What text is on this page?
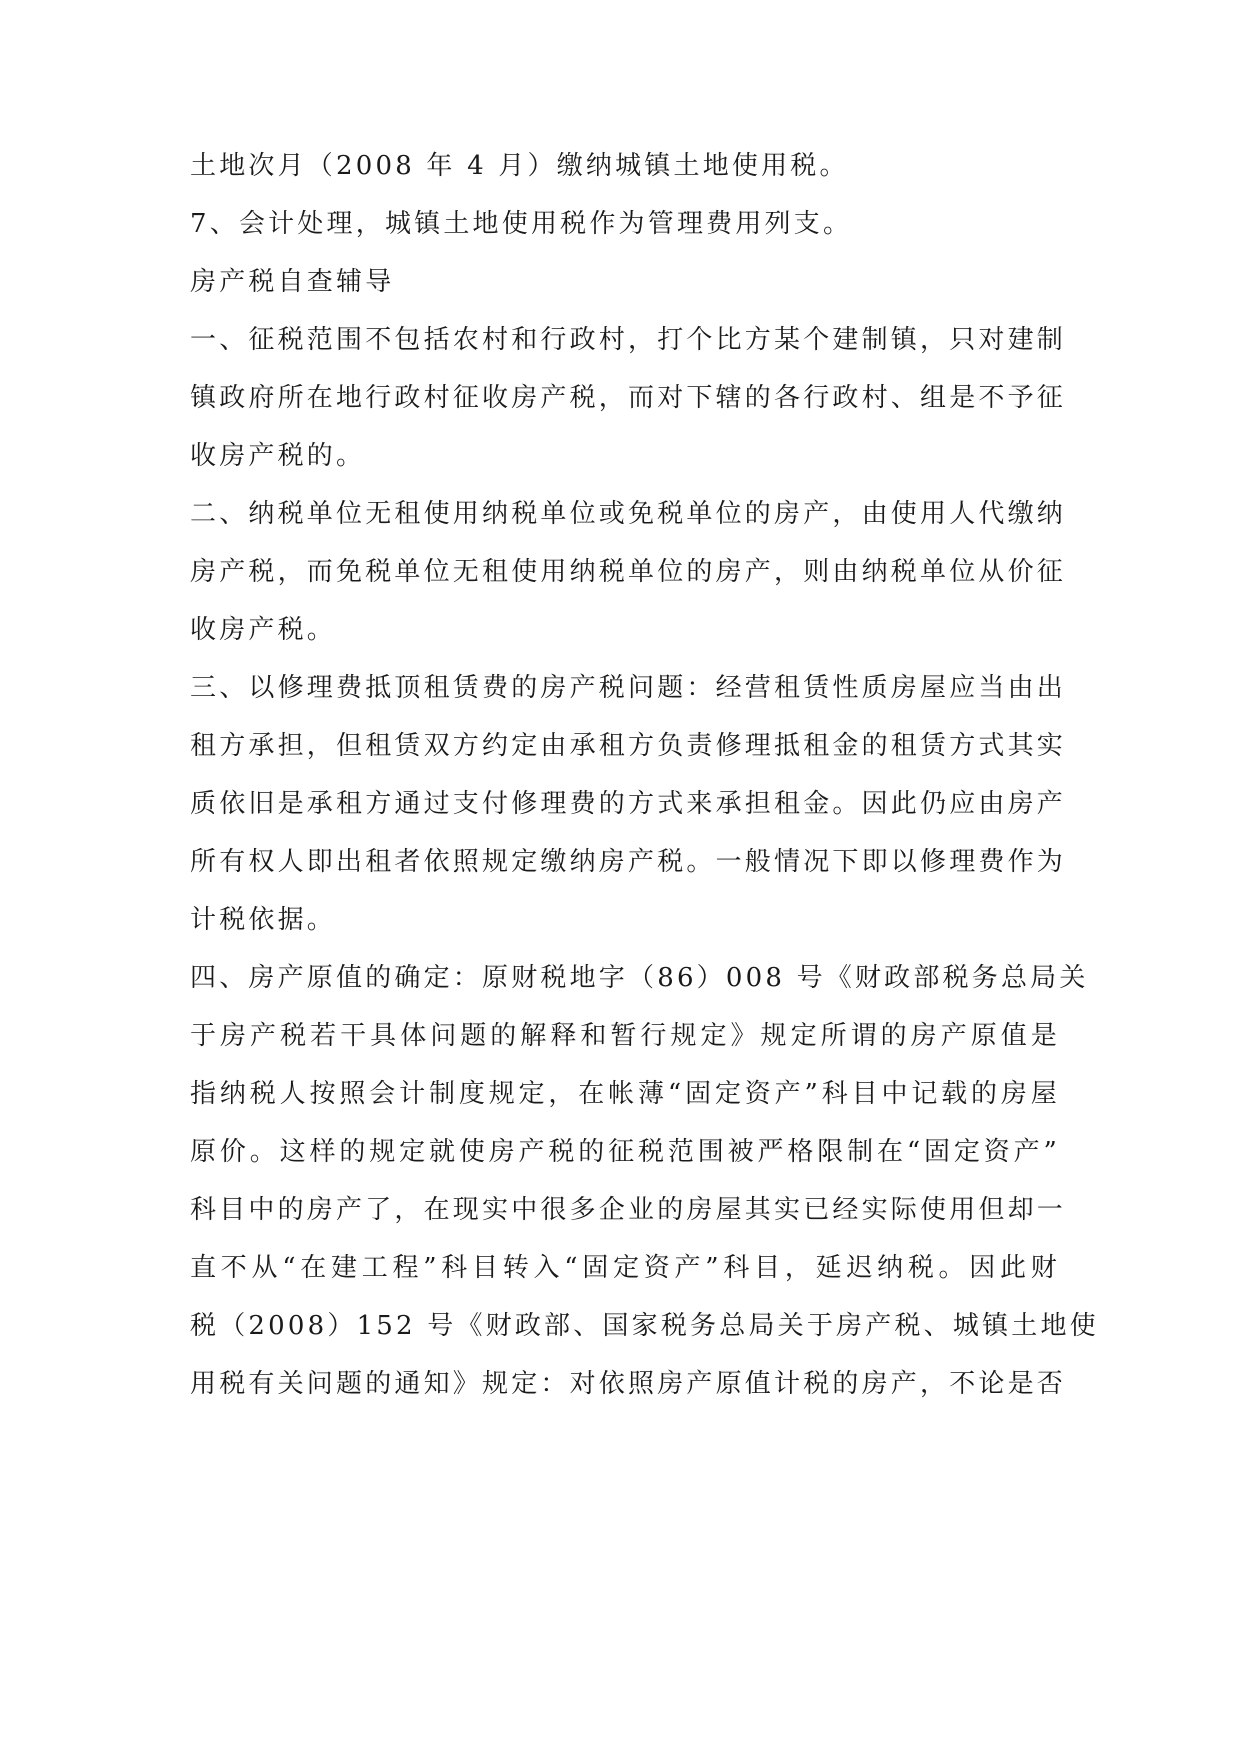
土地次月（2008 年 4 月）缴纳城镇土地使用税。
7、会计处理，城镇土地使用税作为管理费用列支。
房产税自查辅导
一、征税范围不包括农村和行政村，打个比方某个建制镇，只对建制
镇政府所在地行政村征收房产税，而对下辖的各行政村、组是不予征
收房产税的。
二、纳税单位无租使用纳税单位或免税单位的房产，由使用人代缴纳
房产税，而免税单位无租使用纳税单位的房产，则由纳税单位从价征
收房产税。
三、以修理费抵顶租赁费的房产税问题：经营租赁性质房屋应当由出
租方承担，但租赁双方约定由承租方负责修理抵租金的租赁方式其实
质依旧是承租方通过支付修理费的方式来承担租金。因此仍应由房产
所有权人即出租者依照规定缴纳房产税。一般情况下即以修理费作为
计税依据。
四、房产原值的确定：原财税地字（86）008 号《财政部税务总局关
于房产税若干具体问题的解释和暂行规定》规定所谓的房产原值是
指纳税人按照会计制度规定，在帐薄“固定资产”科目中记载的房屋
原价。这样的规定就使房产税的征税范围被严格限制在“固定资产”
科目中的房产了，在现实中很多企业的房屋其实已经实际使用但却一
直不从“在建工程”科目转入“固定资产”科目，延迟纳税。因此财
税（2008）152 号《财政部、国家税务总局关于房产税、城镇土地使
用税有关问题的通知》规定：对依照房产原值计税的房产，不论是否
